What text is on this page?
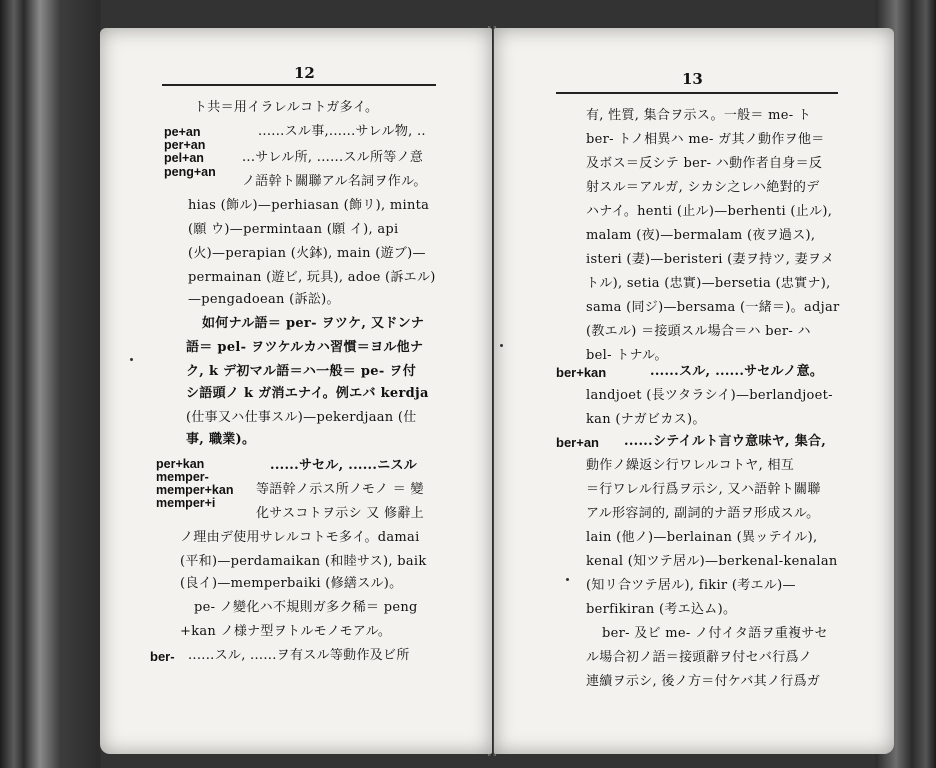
12
ト共＝用イラレルコトガ多イ。
pe+an
per+an
pel+an
peng+an
......スル事,......サレル物, ..
...サレル所, ......スル所等ノ意
ノ語幹ト關聯アル名詞ヲ作ル。
hias (飾ル)—perhiasan (飾リ), minta
(願 ウ)—permintaan (願 イ), api
(火)—perapian (火鉢), main (遊ブ)—
permainan (遊ビ, 玩具), adoe (訴エル)
—pengadoean (訴訟)。
如何ナル語＝ per- ヲツケ, 又ドンナ
語＝ pel- ヲツケルカハ習慣＝ヨル他ナ
ク, k デ初マル語＝ハ一般＝ pe- ヲ付
シ語頭ノ k ガ消エナイ。例エバ kerdja
(仕事又ハ仕事スル)—pekerdjaan (仕
事, 職業)。
per+kan
memper-
memper+kan
memper+i
......サセル, ......ニスル
等語幹ノ示ス所ノモノ ＝ 變
化サスコトヲ示シ 又 修辭上
ノ理由デ使用サレルコトモ多イ。damai
(平和)—perdamaikan (和睦サス), baik
(良イ)—memperbaiki (修繕スル)。
pe- ノ變化ハ不規則ガ多ク稀＝ peng
+kan ノ様ナ型ヲトルモノモアル。
ber- ......スル, ......ヲ有スル等動作及ビ所
13
有, 性質, 集合ヲ示ス。一般＝ me- ト
ber- トノ相異ハ me- ガ其ノ動作ヲ他＝
及ボス＝反シテ ber- ハ動作者自身＝反
射スル＝アルガ, シカシ之レハ絶對的デ
ハナイ。henti (止ル)—berhenti (止ル),
malam (夜)—bermalam (夜ヲ過ス),
isteri (妻)—beristeri (妻ヲ持ツ, 妻ヲメ
トル), setia (忠實)—bersetia (忠實ナ),
sama (同ジ)—bersama (一緒＝)。adjar
(教エル) ＝接頭スル場合＝ハ ber- ハ
bel- トナル。
ber+kan	......スル, ......サセルノ意。
landjoet (長ツタラシイ)—berlandjoet-
kan (ナガビカス)。
ber+an ......シテイルト言ウ意味ヤ, 集合,
動作ノ繰返シ行ワレルコトヤ, 相互
＝行ワレル行爲ヲ示シ, 又ハ語幹ト關聯
アル形容詞的, 副詞的ナ語ヲ形成スル。
lain (他ノ)—berlainan (異ッテイル),
kenal (知ツテ居ル)—berkenal-kenalan
(知リ合ツテ居ル), fikir (考エル)—
berfikiran (考エ込ム)。
ber- 及ビ me- ノ付イタ語ヲ重複サセ
ル場合初ノ語＝接頭辭ヲ付セバ行爲ノ
連續ヲ示シ, 後ノ方＝付ケバ其ノ行爲ガ
